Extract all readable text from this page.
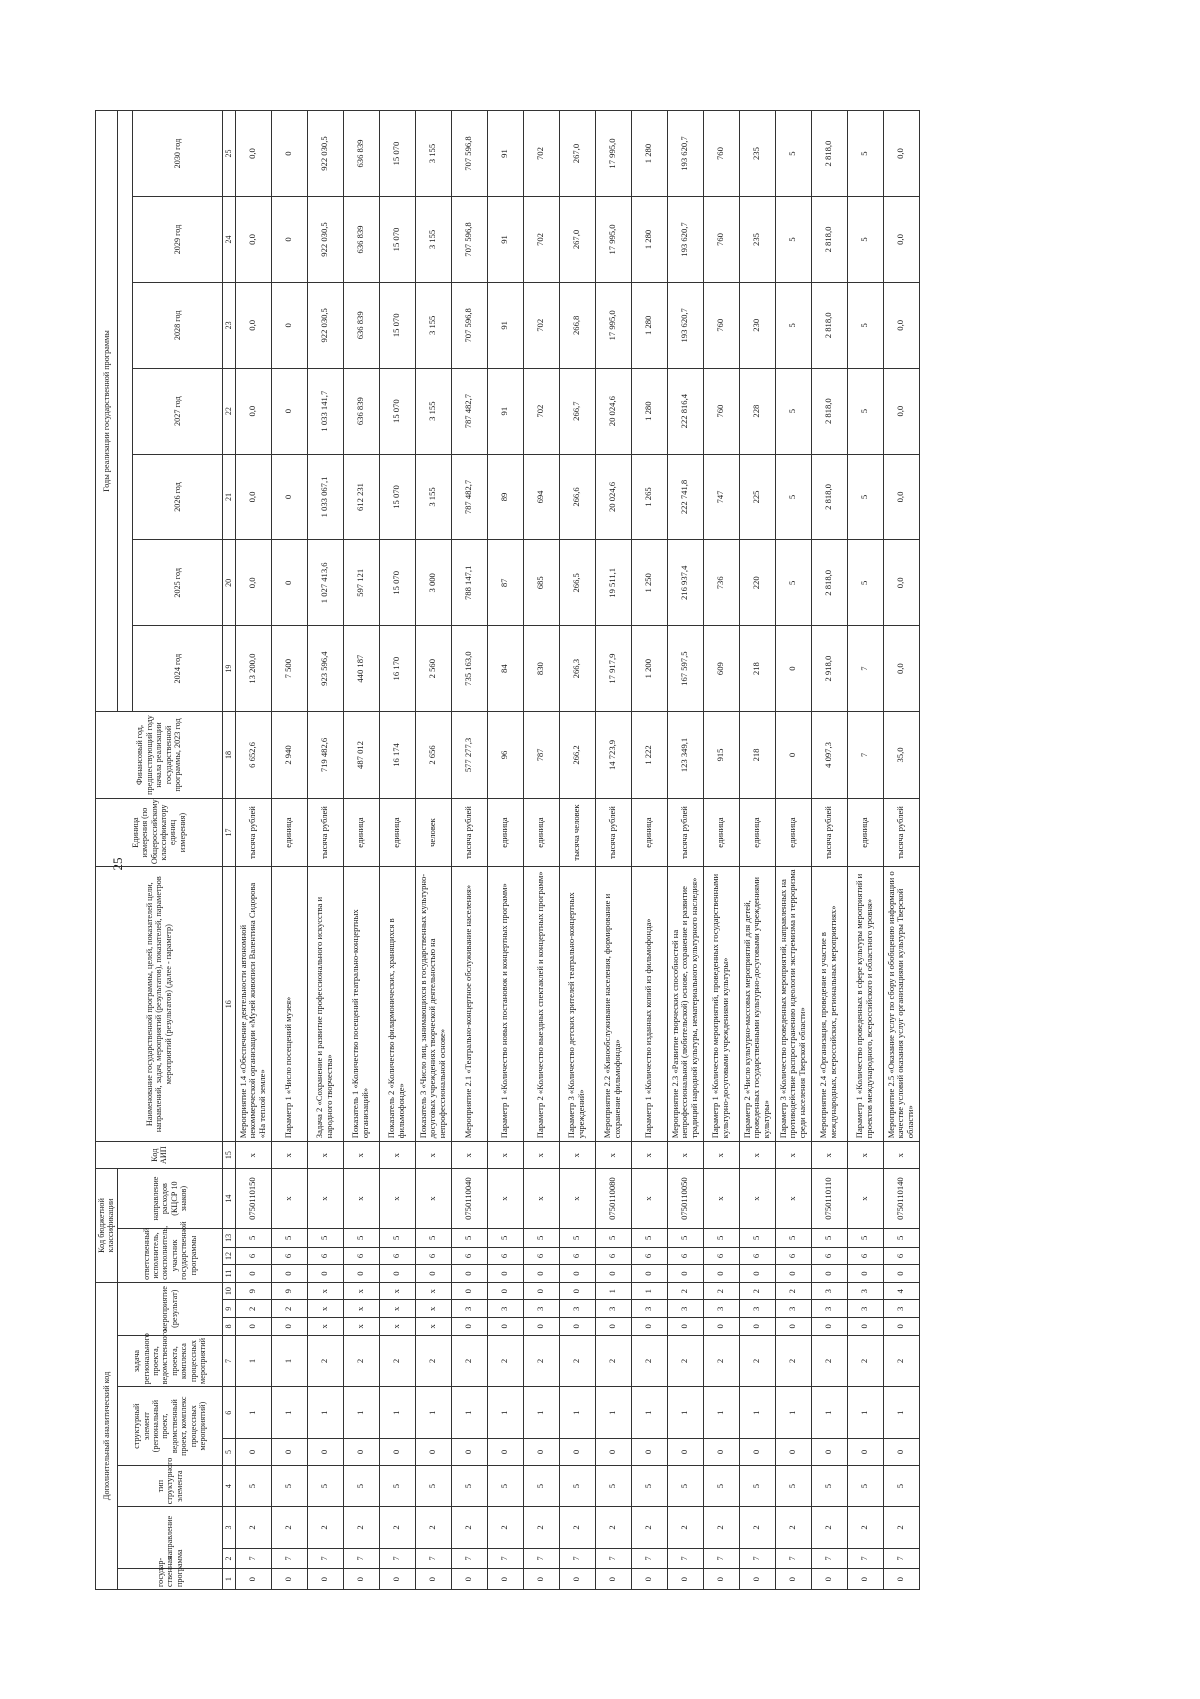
25
Дополнительный аналитический код										Код бюджетной классификации				Код АИП	Наименование государственной программы, целей, показателей цели, направлений, задач, мероприятий (результатов), показателей, параметров мероприятий (результатов) (далее - параметр)	Единица измерения (по Общероссийскому классификатору единиц измерения)	Финансовый год, предшествующий году начала реализации государственной программы, 2023 год	Годы реализации государственной программы						
государ-ственная программа	направление		тип структурного элемента	структурный элемент (региональный проект, ведомственный проект, комплекс процессных мероприятий)		задача регионального проекта, ведомственного проекта, комплекса процессных мероприятий	мероприятие (результат)			ответственный исполнитель, соисполнитель, участник государственной программы			направление расходов (КЦСР 10 знаков)											
																		2024 год	2025 год	2026 год	2027 год	2028 год	2029 год	2030 год
1	2	3	4	5	6	7	8	9	10	11	12	13	14	15	16	17	18	19	20	21	22	23	24	25
0	7	2	5	0	1	1	0	2	9	0	6	5	0750110150	x	Мероприятие 1.4 «Обеспечение деятельности автономной некоммерческой организации «Музей живописи Валентина Сидорова «На теплой земле»	тысяча рублей	6 652,6	13 200,0	0,0	0,0	0,0	0,0	0,0	0,0
0	7	2	5	0	1	1	0	2	9	0	6	5	x	x	Параметр 1 «Число посещений музея»	единица	2 940	7 500	0	0	0	0	0	0
0	7	2	5	0	1	2	x	x	x	0	6	5	x	x	Задача 2 «Сохранение и развитие профессионального искусства и народного творчества»	тысяча рублей	719 482,6	923 596,4	1 027 413,6	1 033 067,1	1 033 141,7	922 030,5	922 030,5	922 030,5
0	7	2	5	0	1	2	x	x	x	0	6	5	x	x	Показатель 1 «Количество посещений театрально-концертных организаций»	единица	487 012	440 187	597 121	612 231	636 839	636 839	636 839	636 839
0	7	2	5	0	1	2	x	x	x	0	6	5	x	x	Показатель 2 «Количество филармонических, хранящихся в фильмофонде»	единица	16 174	16 170	15 070	15 070	15 070	15 070	15 070	15 070
0	7	2	5	0	1	2	x	x	x	0	6	5	x	x	Показатель 3 «Число лиц, занимающихся в государственных культурно-досуговых учреждениях творческой деятельностью на непрофессиональной основе»	человек	2 656	2 560	3 000	3 155	3 155	3 155	3 155	3 155
0	7	2	5	0	1	2	0	3	0	0	6	5	0750110040	x	Мероприятие 2.1 «Театрально-концертное обслуживание населения»	тысяча рублей	577 277,3	735 163,0	788 147,1	787 482,7	787 482,7	707 596,8	707 596,8	707 596,8
0	7	2	5	0	1	2	0	3	0	0	6	5	x	x	Параметр 1 «Количество новых постановок и концертных программ»	единица	96	84	87	89	91	91	91	91
0	7	2	5	0	1	2	0	3	0	0	6	5	x	x	Параметр 2 «Количество выездных спектаклей и концертных программ»	единица	787	830	685	694	702	702	702	702
0	7	2	5	0	1	2	0	3	0	0	6	5	x	x	Параметр 3 «Количество детских зрителей театрально-концертных учреждений»	тысяча человек	266,2	266,3	266,5	266,6	266,7	266,8	267,0	267,0
0	7	2	5	0	1	2	0	3	1	0	6	5	0750110080	x	Мероприятие 2.2 «Кинообслуживание населения, формирование и сохранение фильмофонда»	тысяча рублей	14 723,9	17 917,9	19 511,1	20 024,6	20 024,6	17 995,0	17 995,0	17 995,0
0	7	2	5	0	1	2	0	3	1	0	6	5	x	x	Параметр 1 «Количество изданных копий из фильмофонда»	единица	1 222	1 200	1 250	1 265	1 280	1 280	1 280	1 280
0	7	2	5	0	1	2	0	3	2	0	6	5	0750110050	x	Мероприятие 2.3 «Развитие творческих способностей на непрофессиональной (любительской) основе, сохранение и развитие традиций народной культуры, нематериального культурного наследия»	тысяча рублей	123 349,1	167 597,5	216 937,4	222 741,8	222 816,4	193 620,7	193 620,7	193 620,7
0	7	2	5	0	1	2	0	3	2	0	6	5	x	x	Параметр 1 «Количество мероприятий, проведенных государственными культурно-досуговыми учреждениями культуры»	единица	915	609	736	747	760	760	760	760
0	7	2	5	0	1	2	0	3	2	0	6	5	x	x	Параметр 2 «Число культурно-массовых мероприятий для детей, проведенных государственными культурно-досуговыми учреждениями культуры»	единица	218	218	220	225	228	230	235	235
0	7	2	5	0	1	2	0	3	2	0	6	5	x	x	Параметр 3 «Количество проведенных мероприятий, направленных на противодействие распространению идеологии экстремизма и терроризма среди населения Тверской области»	единица	0	0	5	5	5	5	5	5
0	7	2	5	0	1	2	0	3	3	0	6	5	0750110110	x	Мероприятие 2.4 «Организация, проведение и участие в международных, всероссийских, региональных мероприятиях»	тысяча рублей	4 097,3	2 918,0	2 818,0	2 818,0	2 818,0	2 818,0	2 818,0	2 818,0
0	7	2	5	0	1	2	0	3	3	0	6	5	x	x	Параметр 1 «Количество проведенных в сфере культуры мероприятий и проектов международного, всероссийского и областного уровня»	единица	7	7	5	5	5	5	5	5
0	7	2	5	0	1	2	0	3	4	0	6	5	0750110140	x	Мероприятие 2.5 «Оказание услуг по сбору и обобщению информации о качестве условий оказания услуг организациями культуры Тверской области»	тысяча рублей	35,0	0,0	0,0	0,0	0,0	0,0	0,0	0,0
